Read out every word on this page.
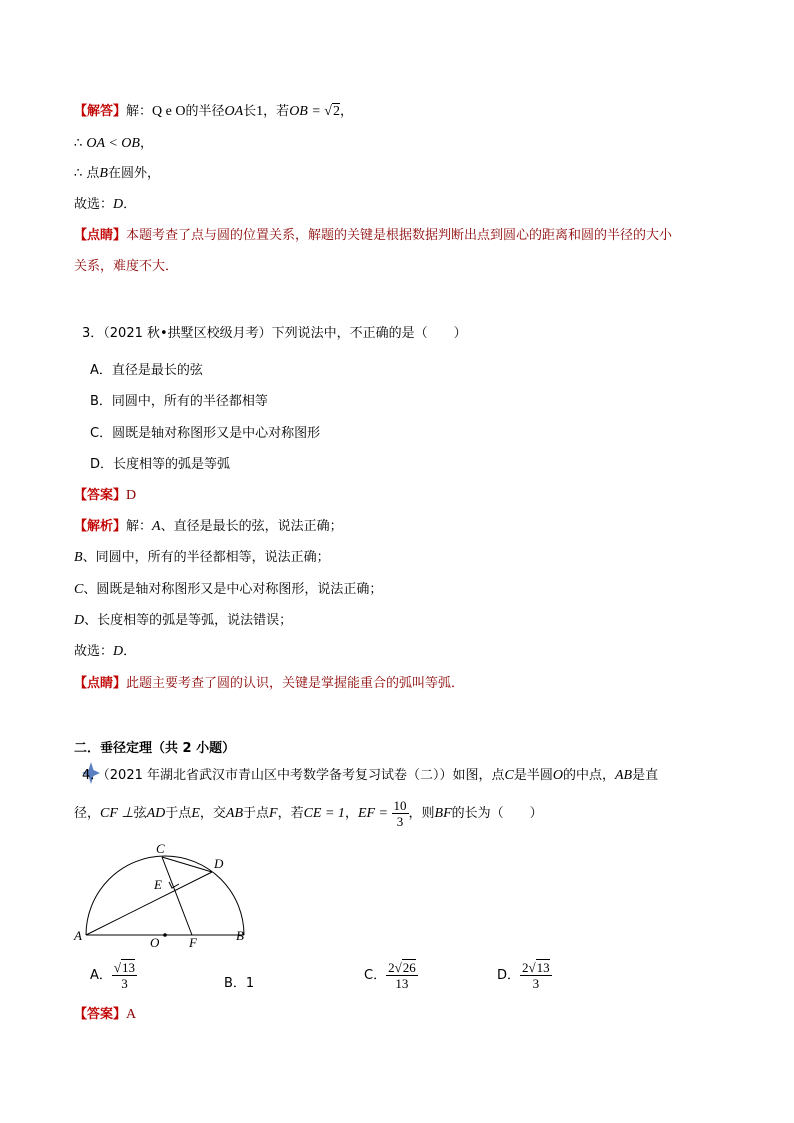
【解答】解：Q e O的半径OA长1，若OB = √2，
∴ OA < OB，
∴ 点B在圆外，
故选：D．
【点睛】本题考查了点与圆的位置关系，解题的关键是根据数据判断出点到圆心的距离和圆的半径的大小
关系，难度不大．
3．（2021 秋•拱墅区校级月考）下列说法中，不正确的是（　　）
A．直径是最长的弦
B．同圆中，所有的半径都相等
C．圆既是轴对称图形又是中心对称图形
D．长度相等的弧是等弧
【答案】D
【解析】解：A、直径是最长的弦，说法正确；
B、同圆中，所有的半径都相等，说法正确；
C、圆既是轴对称图形又是中心对称图形，说法正确；
D、长度相等的弧是等弧，说法错误；
故选：D．
【点睛】此题主要考查了圆的认识，关键是掌握能重合的弧叫等弧．
二．垂径定理（共 2 小题）
4．（2021 年湖北省武汉市青山区中考数学备考复习试卷（二））如图，点C是半圆O的中点，AB是直
径，CF ⊥弦AD于点E，交AB于点F，若CE = 1，EF = $\frac{10}{3}$ ，则BF的长为（　　）
C
D
E
A	O F	B
A． $\frac{√13}{3}$	B．1
C． $\frac{2√26}{13}$	D． $\frac{2√13}{3}$
【答案】A
